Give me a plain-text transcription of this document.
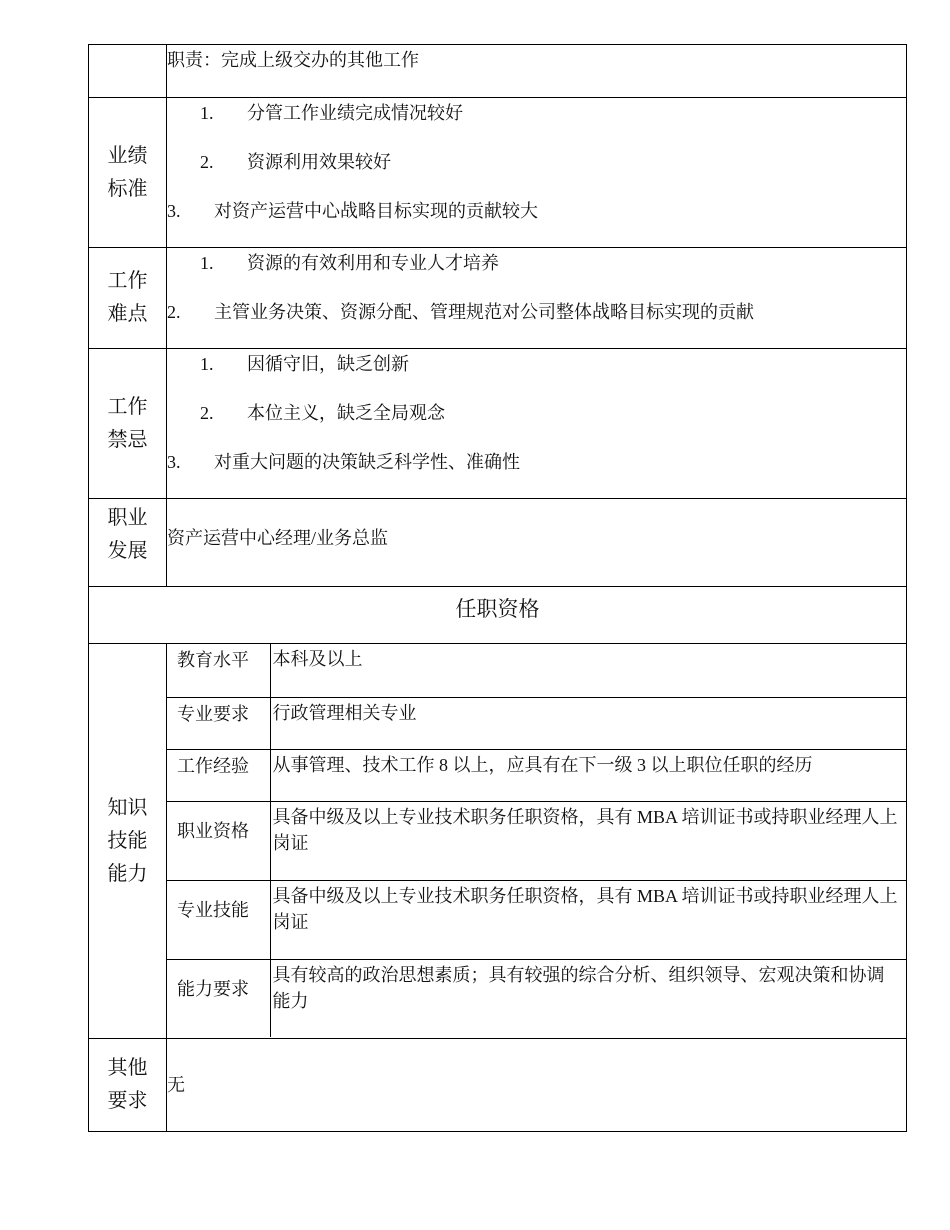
职责：完成上级交办的其他工作

业绩标准	
1. 分管工作业绩完成情况较好
2. 资源利用效果较好
3. 对资产运营中心战略目标实现的贡献较大

工作难点	
1. 资源的有效利用和专业人才培养
2. 主管业务决策、资源分配、管理规范对公司整体战略目标实现的贡献

工作禁忌	
1. 因循守旧，缺乏创新
2. 本位主义，缺乏全局观念
3. 对重大问题的决策缺乏科学性、准确性

职业发展	
资产运营中心经理/业务总监

任职资格
知识技能能力	
教育水平	本科及以上
专业要求	行政管理相关专业
工作经验	从事管理、技术工作 8 以上，应具有在下一级 3 以上职位任职的经历
职业资格	具备中级及以上专业技术职务任职资格，具有 MBA 培训证书或持职业经理人上岗证
专业技能	具备中级及以上专业技术职务任职资格，具有 MBA 培训证书或持职业经理人上岗证
能力要求	具有较高的政治思想素质；具有较强的综合分析、组织领导、宏观决策和协调能力

其他要求	
无
